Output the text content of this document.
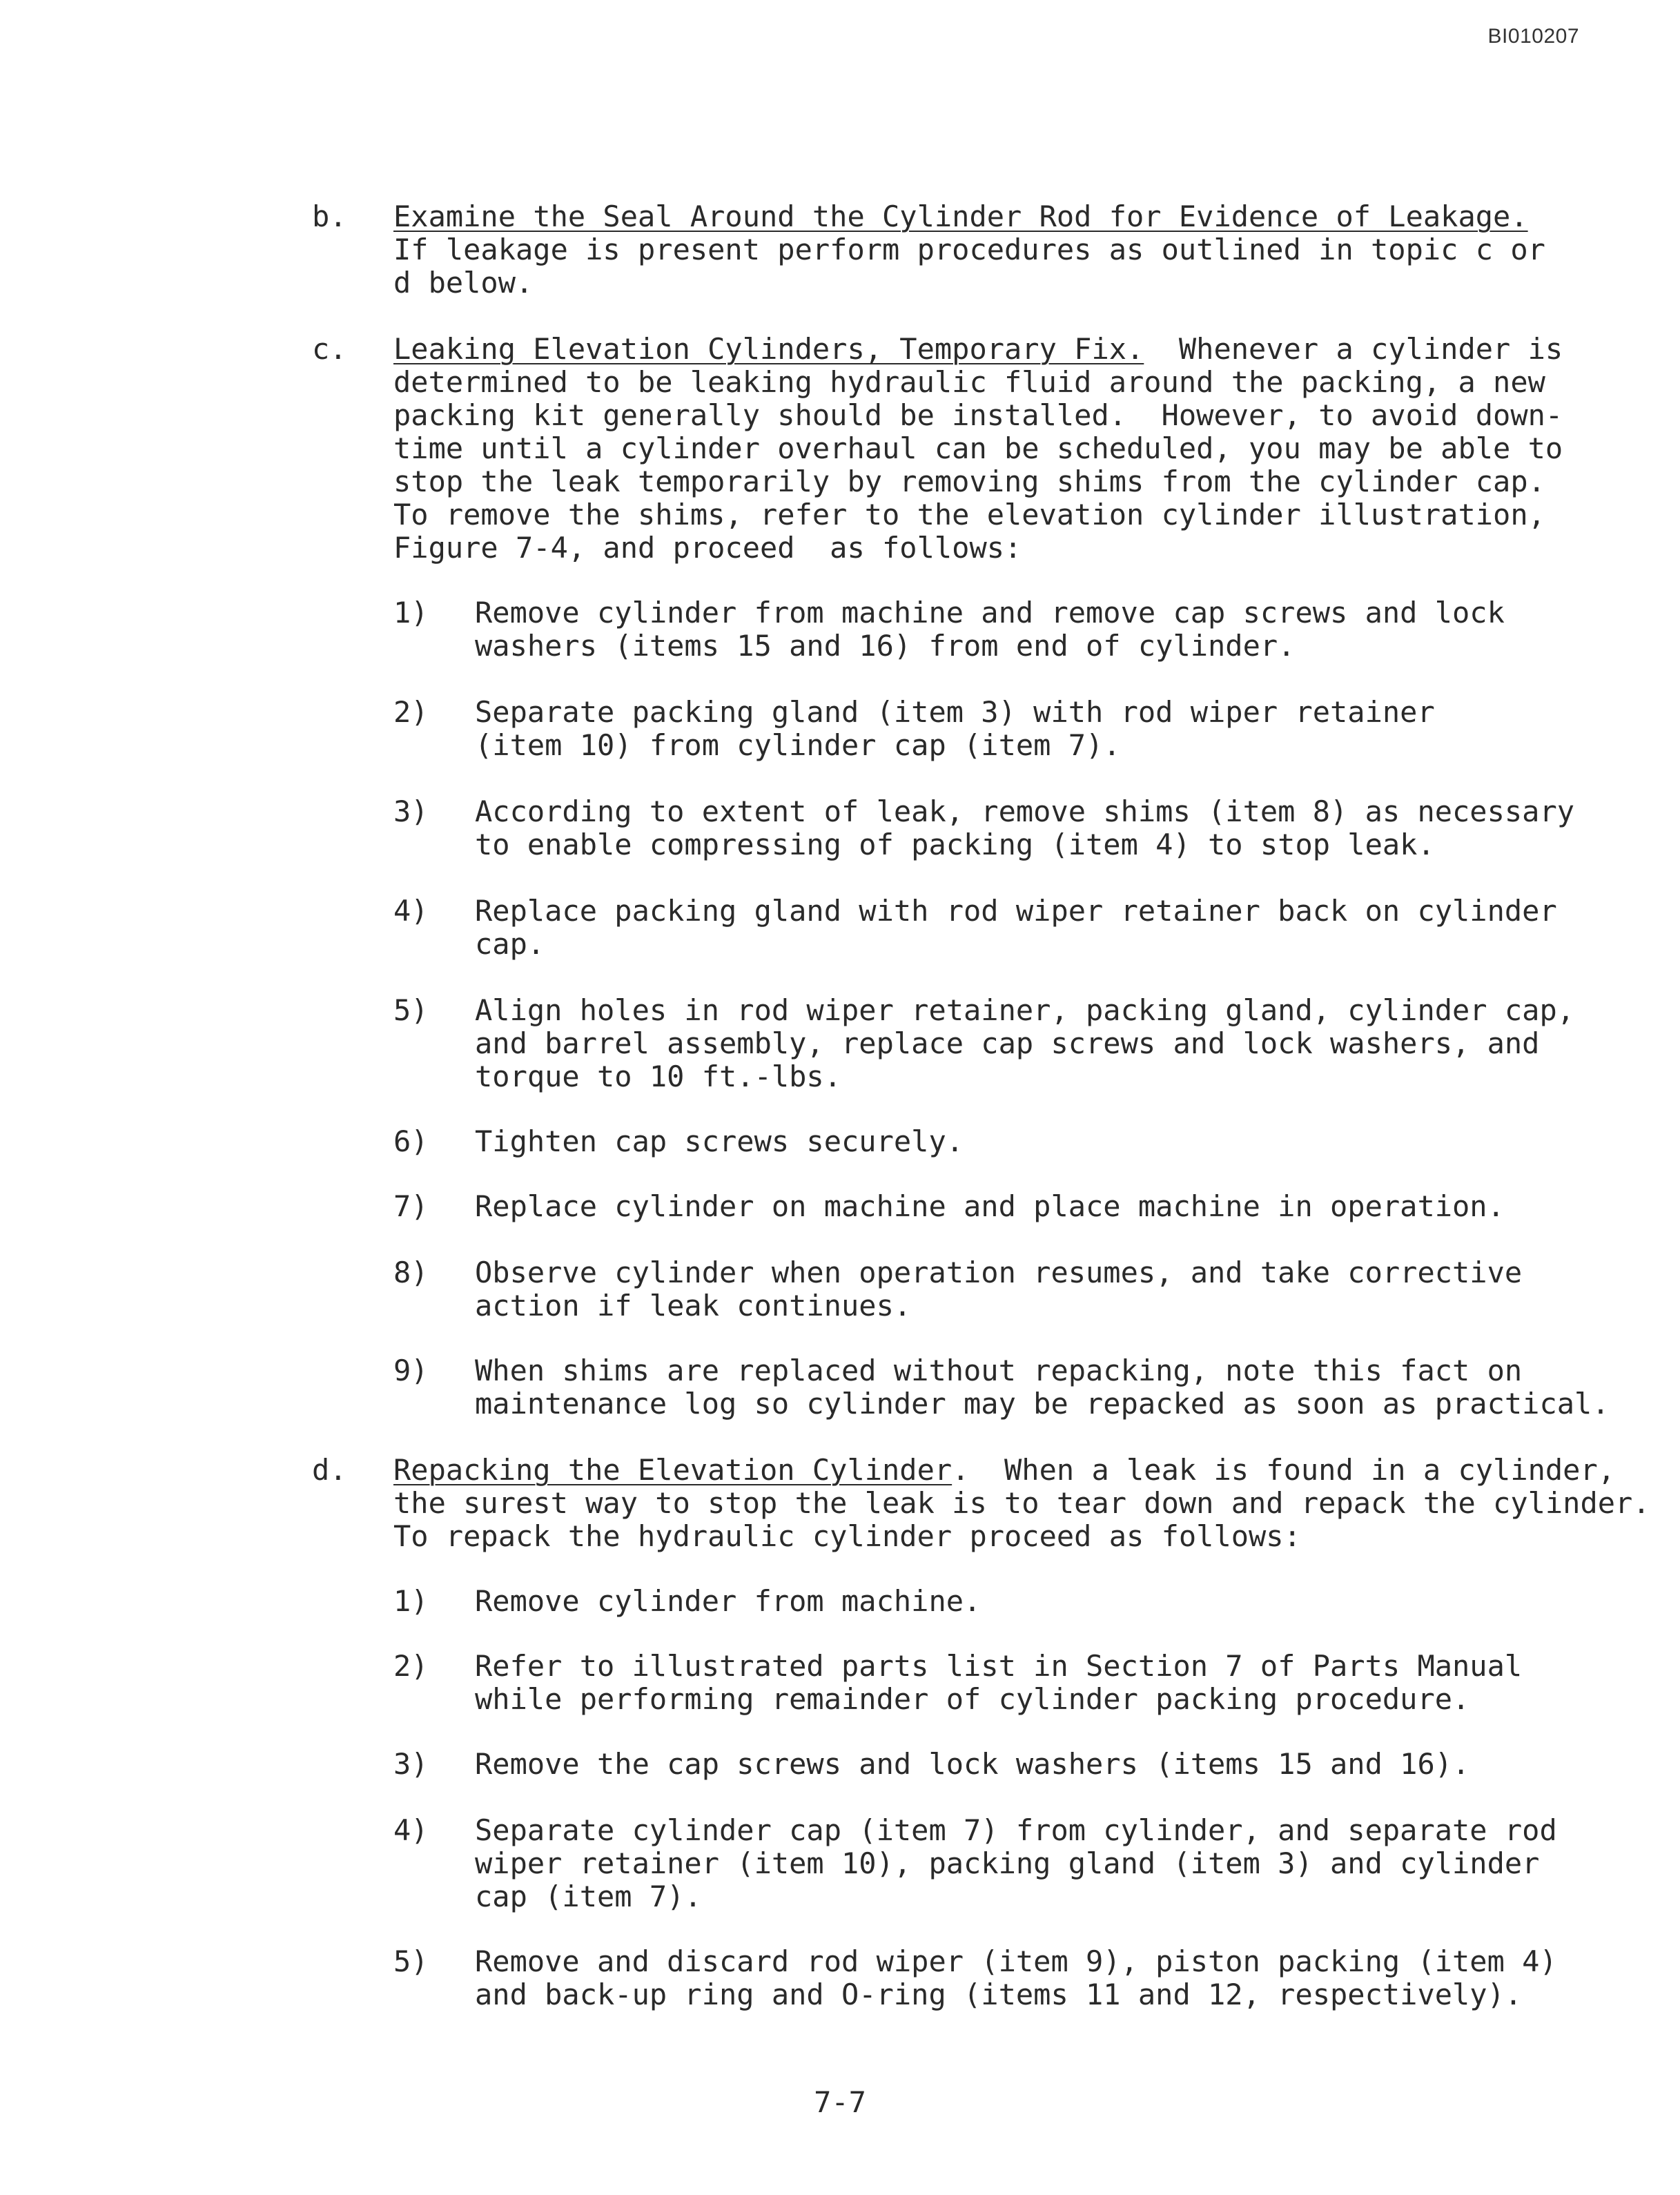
BI010207
b. Examine the Seal Around the Cylinder Rod for Evidence of Leakage.
If leakage is present perform procedures as outlined in topic c or
d below.
c. Leaking Elevation Cylinders, Temporary Fix.  Whenever a cylinder is
determined to be leaking hydraulic fluid around the packing, a new
packing kit generally should be installed.  However, to avoid down-
time until a cylinder overhaul can be scheduled, you may be able to
stop the leak temporarily by removing shims from the cylinder cap.
To remove the shims, refer to the elevation cylinder illustration,
Figure 7-4, and proceed  as follows:
1) Remove cylinder from machine and remove cap screws and lock
washers (items 15 and 16) from end of cylinder.
2) Separate packing gland (item 3) with rod wiper retainer
(item 10) from cylinder cap (item 7).
3) According to extent of leak, remove shims (item 8) as necessary
to enable compressing of packing (item 4) to stop leak.
4) Replace packing gland with rod wiper retainer back on cylinder
cap.
5) Align holes in rod wiper retainer, packing gland, cylinder cap,
and barrel assembly, replace cap screws and lock washers, and
torque to 10 ft.-lbs.
6) Tighten cap screws securely.
7) Replace cylinder on machine and place machine in operation.
8) Observe cylinder when operation resumes, and take corrective
action if leak continues.
9) When shims are replaced without repacking, note this fact on
maintenance log so cylinder may be repacked as soon as practical.
d. Repacking the Elevation Cylinder.  When a leak is found in a cylinder,
the surest way to stop the leak is to tear down and repack the cylinder.
To repack the hydraulic cylinder proceed as follows:
1) Remove cylinder from machine.
2) Refer to illustrated parts list in Section 7 of Parts Manual
while performing remainder of cylinder packing procedure.
3) Remove the cap screws and lock washers (items 15 and 16).
4) Separate cylinder cap (item 7) from cylinder, and separate rod
wiper retainer (item 10), packing gland (item 3) and cylinder
cap (item 7).
5) Remove and discard rod wiper (item 9), piston packing (item 4)
and back-up ring and O-ring (items 11 and 12, respectively).
7-7
